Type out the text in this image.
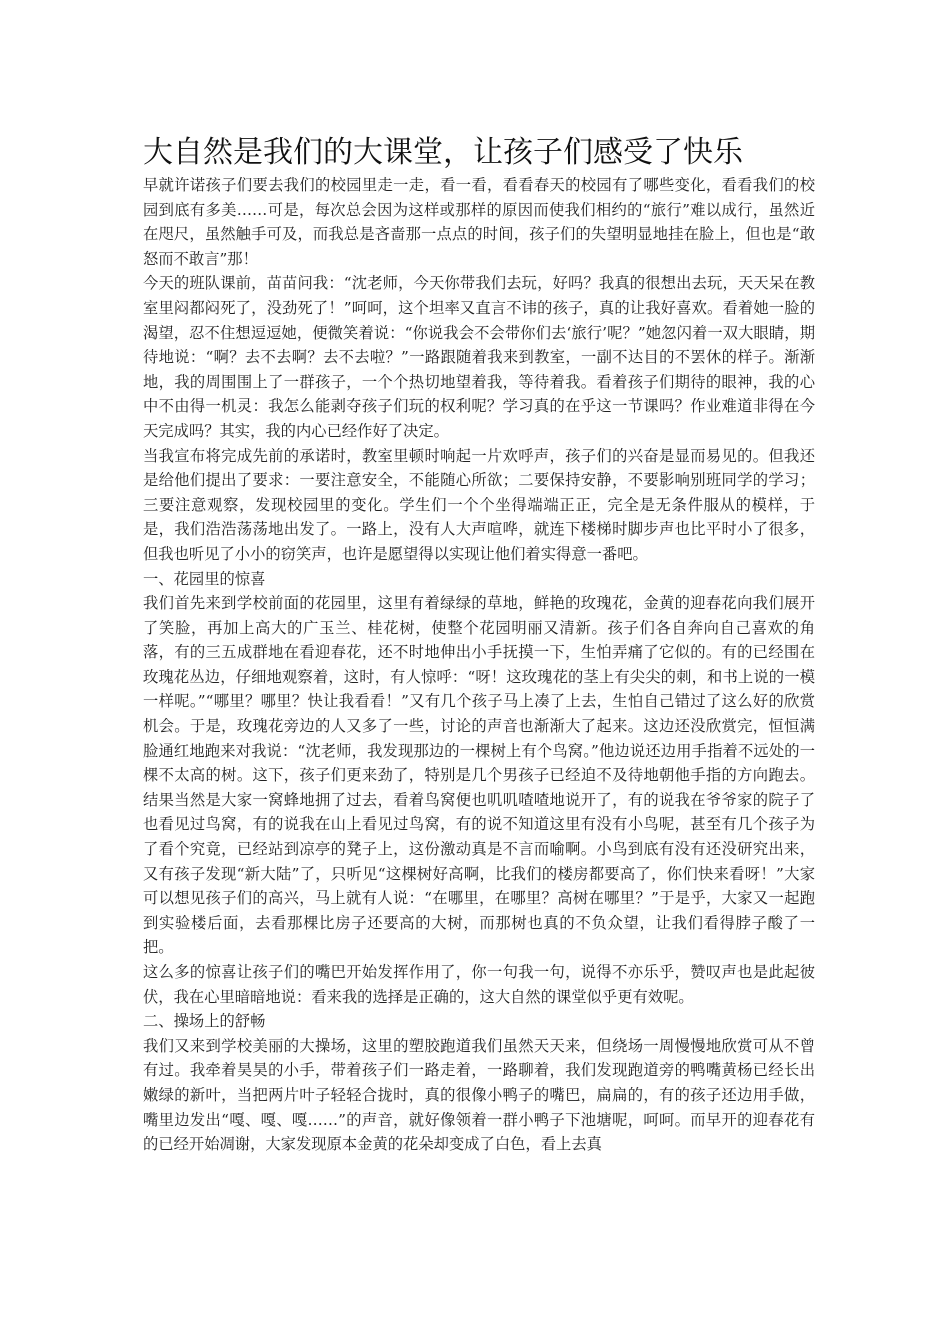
大自然是我们的大课堂，让孩子们感受了快乐

早就许诺孩子们要去我们的校园里走一走，看一看，看看春天的校园有了哪些变化，看看我们的校园到底有多美……可是，每次总会因为这样或那样的原因而使我们相约的“旅行”难以成行，虽然近在咫尺，虽然触手可及，而我总是吝啬那一点点的时间，孩子们的失望明显地挂在脸上，但也是“敢怒而不敢言”那！

今天的班队课前，苗苗问我：“沈老师，今天你带我们去玩，好吗？我真的很想出去玩，天天呆在教室里闷都闷死了，没劲死了！”呵呵，这个坦率又直言不讳的孩子，真的让我好喜欢。看着她一脸的渴望，忍不住想逗逗她，便微笑着说：“你说我会不会带你们去‘旅行’呢？”她忽闪着一双大眼睛，期待地说：“啊？去不去啊？去不去啦？”一路跟随着我来到教室，一副不达目的不罢休的样子。渐渐地，我的周围围上了一群孩子，一个个热切地望着我，等待着我。看着孩子们期待的眼神，我的心中不由得一机灵：我怎么能剥夺孩子们玩的权利呢？学习真的在乎这一节课吗？作业难道非得在今天完成吗？其实，我的内心已经作好了决定。

当我宣布将完成先前的承诺时，教室里顿时响起一片欢呼声，孩子们的兴奋是显而易见的。但我还是给他们提出了要求：一要注意安全，不能随心所欲；二要保持安静，不要影响别班同学的学习；三要注意观察，发现校园里的变化。学生们一个个坐得端端正正，完全是无条件服从的模样，于是，我们浩浩荡荡地出发了。一路上，没有人大声喧哗，就连下楼梯时脚步声也比平时小了很多，但我也听见了小小的窃笑声，也许是愿望得以实现让他们着实得意一番吧。

一、花园里的惊喜

我们首先来到学校前面的花园里，这里有着绿绿的草地，鲜艳的玫瑰花，金黄的迎春花向我们展开了笑脸，再加上高大的广玉兰、桂花树，使整个花园明丽又清新。孩子们各自奔向自己喜欢的角落，有的三五成群地在看迎春花，还不时地伸出小手抚摸一下，生怕弄痛了它似的。有的已经围在玫瑰花丛边，仔细地观察着，这时，有人惊呼：“呀！这玫瑰花的茎上有尖尖的刺，和书上说的一模一样呢。”“哪里？哪里？快让我看看！”又有几个孩子马上凑了上去，生怕自己错过了这么好的欣赏机会。于是，玫瑰花旁边的人又多了一些，讨论的声音也渐渐大了起来。这边还没欣赏完，恒恒满脸通红地跑来对我说：“沈老师，我发现那边的一棵树上有个鸟窝。”他边说还边用手指着不远处的一棵不太高的树。这下，孩子们更来劲了，特别是几个男孩子已经迫不及待地朝他手指的方向跑去。结果当然是大家一窝蜂地拥了过去，看着鸟窝便也叽叽喳喳地说开了，有的说我在爷爷家的院子了也看见过鸟窝，有的说我在山上看见过鸟窝，有的说不知道这里有没有小鸟呢，甚至有几个孩子为了看个究竟，已经站到凉亭的凳子上，这份激动真是不言而喻啊。小鸟到底有没有还没研究出来，又有孩子发现“新大陆”了，只听见“这棵树好高啊，比我们的楼房都要高了，你们快来看呀！”大家可以想见孩子们的高兴，马上就有人说：“在哪里，在哪里？高树在哪里？”于是乎，大家又一起跑到实验楼后面，去看那棵比房子还要高的大树，而那树也真的不负众望，让我们看得脖子酸了一把。

这么多的惊喜让孩子们的嘴巴开始发挥作用了，你一句我一句，说得不亦乐乎，赞叹声也是此起彼伏，我在心里暗暗地说：看来我的选择是正确的，这大自然的课堂似乎更有效呢。

二、操场上的舒畅

我们又来到学校美丽的大操场，这里的塑胶跑道我们虽然天天来，但绕场一周慢慢地欣赏可从不曾有过。我牵着昊昊的小手，带着孩子们一路走着，一路聊着，我们发现跑道旁的鸭嘴黄杨已经长出嫩绿的新叶，当把两片叶子轻轻合拢时，真的很像小鸭子的嘴巴，扁扁的，有的孩子还边用手做，嘴里边发出“嘎、嘎、嘎……”的声音，就好像领着一群小鸭子下池塘呢，呵呵。而早开的迎春花有的已经开始凋谢，大家发现原本金黄的花朵却变成了白色，看上去真
